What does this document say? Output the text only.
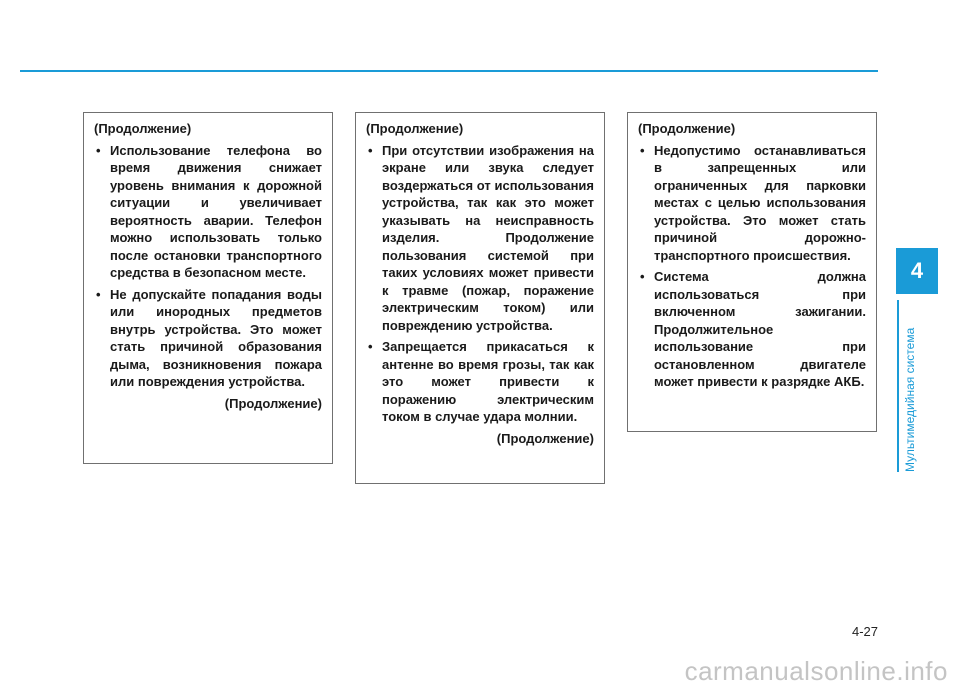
(Продолжение)
• Использование телефона во время движения снижает уровень внимания к дорожной ситуации и увеличивает вероятность аварии. Телефон можно использовать только после остановки транспортного средства в безопасном месте.
• Не допускайте попадания воды или инородных предметов внутрь устройства. Это может стать причиной образования дыма, возникновения пожара или повреждения устройства.
(Продолжение)
(Продолжение)
• При отсутствии изображения на экране или звука следует воздержаться от использования устройства, так как это может указывать на неисправность изделия. Продолжение пользования системой при таких условиях может привести к травме (пожар, поражение электрическим током) или повреждению устройства.
• Запрещается прикасаться к антенне во время грозы, так как это может привести к поражению электрическим током в случае удара молнии.
(Продолжение)
(Продолжение)
• Недопустимо останавливаться в запрещенных или ограниченных для парковки местах с целью использования устройства. Это может стать причиной дорожно-транспортного происшествия.
• Система должна использоваться при включенном зажигании. Продолжительное использование при остановленном двигателе может привести к разрядке АКБ.
4
Мультимедийная система
4-27
carmanualsonline.info
